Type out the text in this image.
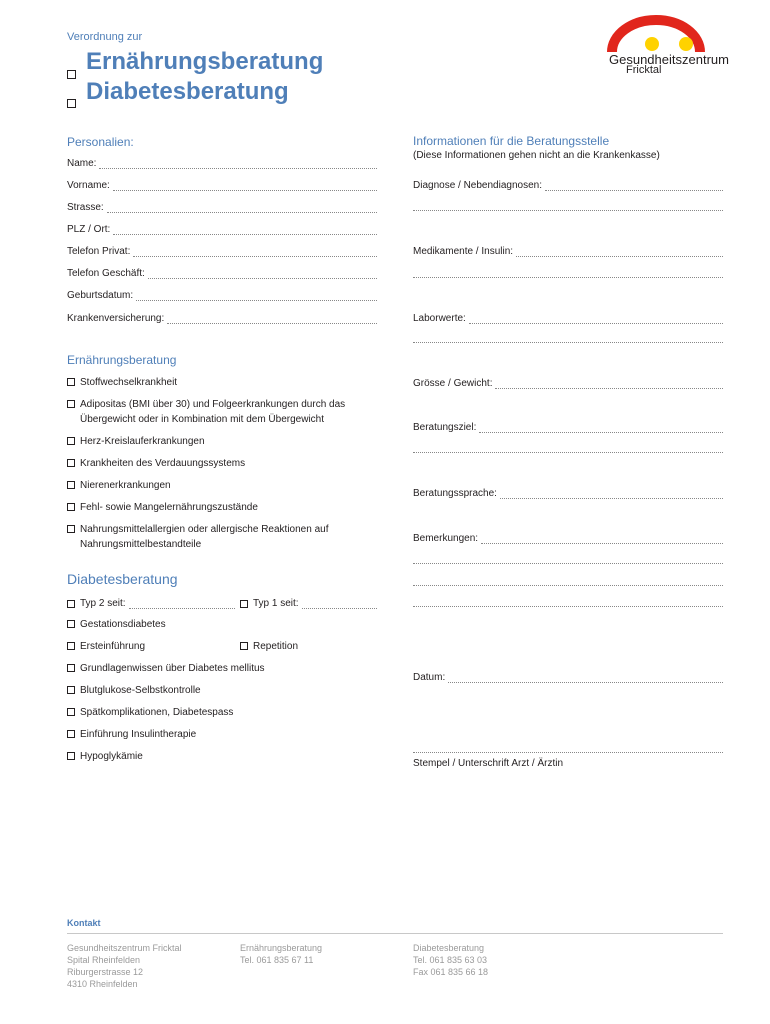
Verordnung zur
Ernährungsberatung
Diabetesberatung
Gesundheitszentrum
Fricktal
Personalien:
Name:
Vorname:
Strasse:
PLZ / Ort:
Telefon Privat:
Telefon Geschäft:
Geburtsdatum:
Krankenversicherung:
Informationen für die Beratungsstelle
(Diese Informationen gehen nicht an die Krankenkasse)
Diagnose / Nebendiagnosen:
Medikamente / Insulin:
Laborwerte:
Grösse / Gewicht:
Beratungsziel:
Beratungssprache:
Bemerkungen:
Datum:
Stempel / Unterschrift Arzt / Ärztin
Ernährungsberatung
Stoffwechselkrankheit
Adipositas (BMI über 30) und Folgeerkrankungen durch das
Übergewicht oder in Kombination mit dem Übergewicht
Herz-Kreislauferkrankungen
Krankheiten des Verdauungssystems
Nierenerkrankungen
Fehl- sowie Mangelernährungszustände
Nahrungsmittelallergien oder allergische Reaktionen auf
Nahrungsmittelbestandteile
Diabetesberatung
Typ 2 seit:	Typ 1 seit:
Gestationsdiabetes
Ersteinführung	Repetition
Grundlagenwissen über Diabetes mellitus
Blutglukose-Selbstkontrolle
Spätkomplikationen, Diabetespass
Einführung Insulintherapie
Hypoglykämie
Kontakt
Gesundheitszentrum Fricktal
Spital Rheinfelden
Riburgerstrasse 12
4310 Rheinfelden
Ernährungsberatung
Tel. 061 835 67 11
Diabetesberatung
Tel. 061 835 63 03
Fax 061 835 66 18
